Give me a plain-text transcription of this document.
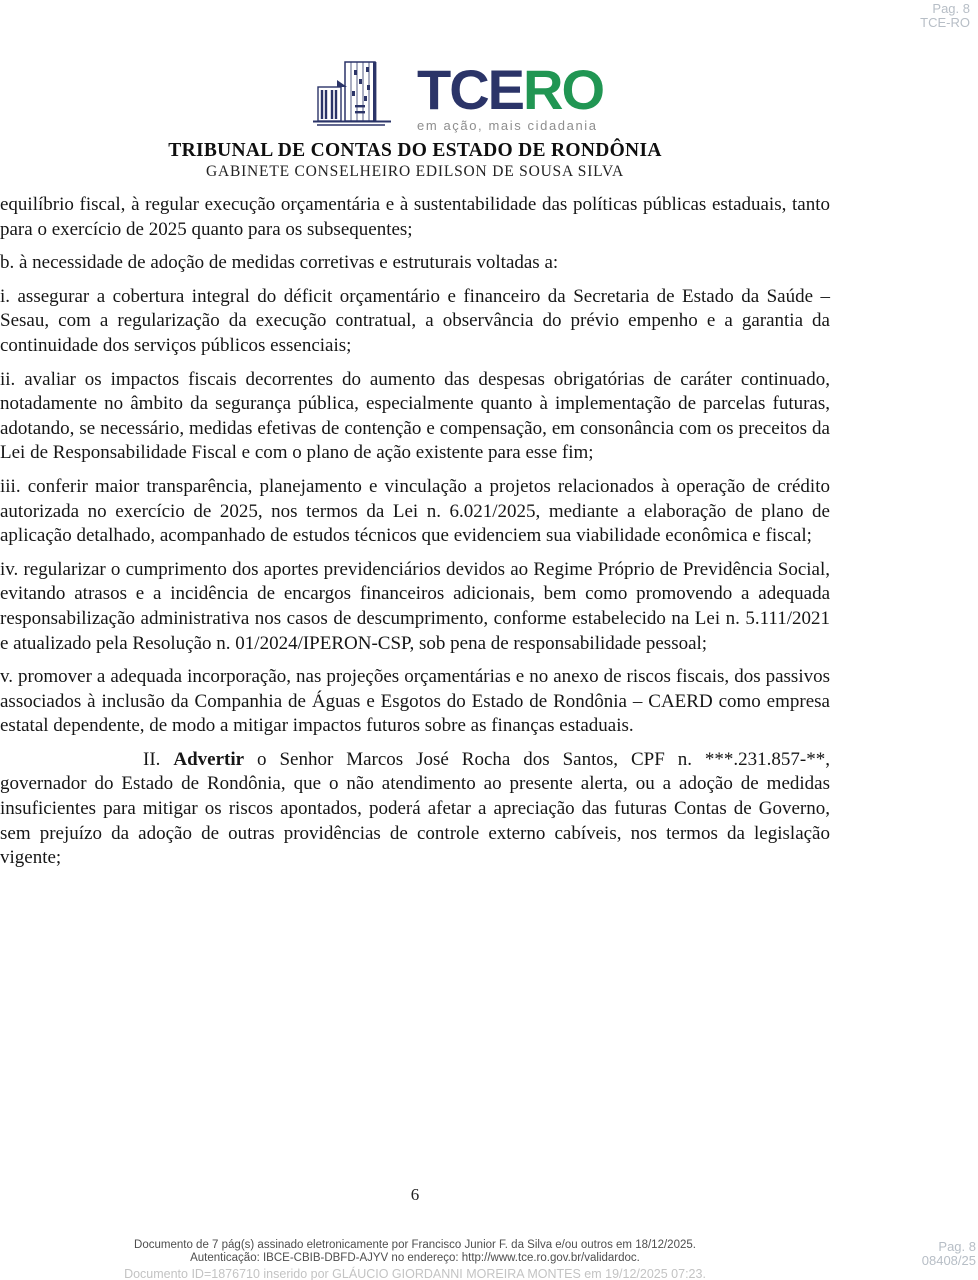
Pag. 8
TCE-RO
TCERO
em ação, mais cidadania
TRIBUNAL DE CONTAS DO ESTADO DE RONDÔNIA
GABINETE CONSELHEIRO EDILSON DE SOUSA SILVA

equilíbrio fiscal, à regular execução orçamentária e à sustentabilidade das políticas públicas estaduais, tanto para o exercício de 2025 quanto para os subsequentes;

b. à necessidade de adoção de medidas corretivas e estruturais voltadas a:

i. assegurar a cobertura integral do déficit orçamentário e financeiro da Secretaria de Estado da Saúde – Sesau, com a regularização da execução contratual, a observância do prévio empenho e a garantia da continuidade dos serviços públicos essenciais;

ii. avaliar os impactos fiscais decorrentes do aumento das despesas obrigatórias de caráter continuado, notadamente no âmbito da segurança pública, especialmente quanto à implementação de parcelas futuras, adotando, se necessário, medidas efetivas de contenção e compensação, em consonância com os preceitos da Lei de Responsabilidade Fiscal e com o plano de ação existente para esse fim;

iii. conferir maior transparência, planejamento e vinculação a projetos relacionados à operação de crédito autorizada no exercício de 2025, nos termos da Lei n. 6.021/2025, mediante a elaboração de plano de aplicação detalhado, acompanhado de estudos técnicos que evidenciem sua viabilidade econômica e fiscal;

iv. regularizar o cumprimento dos aportes previdenciários devidos ao Regime Próprio de Previdência Social, evitando atrasos e a incidência de encargos financeiros adicionais, bem como promovendo a adequada responsabilização administrativa nos casos de descumprimento, conforme estabelecido na Lei n. 5.111/2021 e atualizado pela Resolução n. 01/2024/IPERON-CSP, sob pena de responsabilidade pessoal;

v. promover a adequada incorporação, nas projeções orçamentárias e no anexo de riscos fiscais, dos passivos associados à inclusão da Companhia de Águas e Esgotos do Estado de Rondônia – CAERD como empresa estatal dependente, de modo a mitigar impactos futuros sobre as finanças estaduais.

II. Advertir o Senhor Marcos José Rocha dos Santos, CPF n. ***.231.857-**, governador do Estado de Rondônia, que o não atendimento ao presente alerta, ou a adoção de medidas insuficientes para mitigar os riscos apontados, poderá afetar a apreciação das futuras Contas de Governo, sem prejuízo da adoção de outras providências de controle externo cabíveis, nos termos da legislação vigente;

6
Documento de 7 pág(s) assinado eletronicamente por Francisco Junior F. da Silva e/ou outros em 18/12/2025.
Autenticação: IBCE-CBIB-DBFD-AJYV no endereço: http://www.tce.ro.gov.br/validardoc.
Documento ID=1876710 inserido por GLÁUCIO GIORDANNI MOREIRA MONTES em 19/12/2025 07:23.
Pag. 8
08408/25
